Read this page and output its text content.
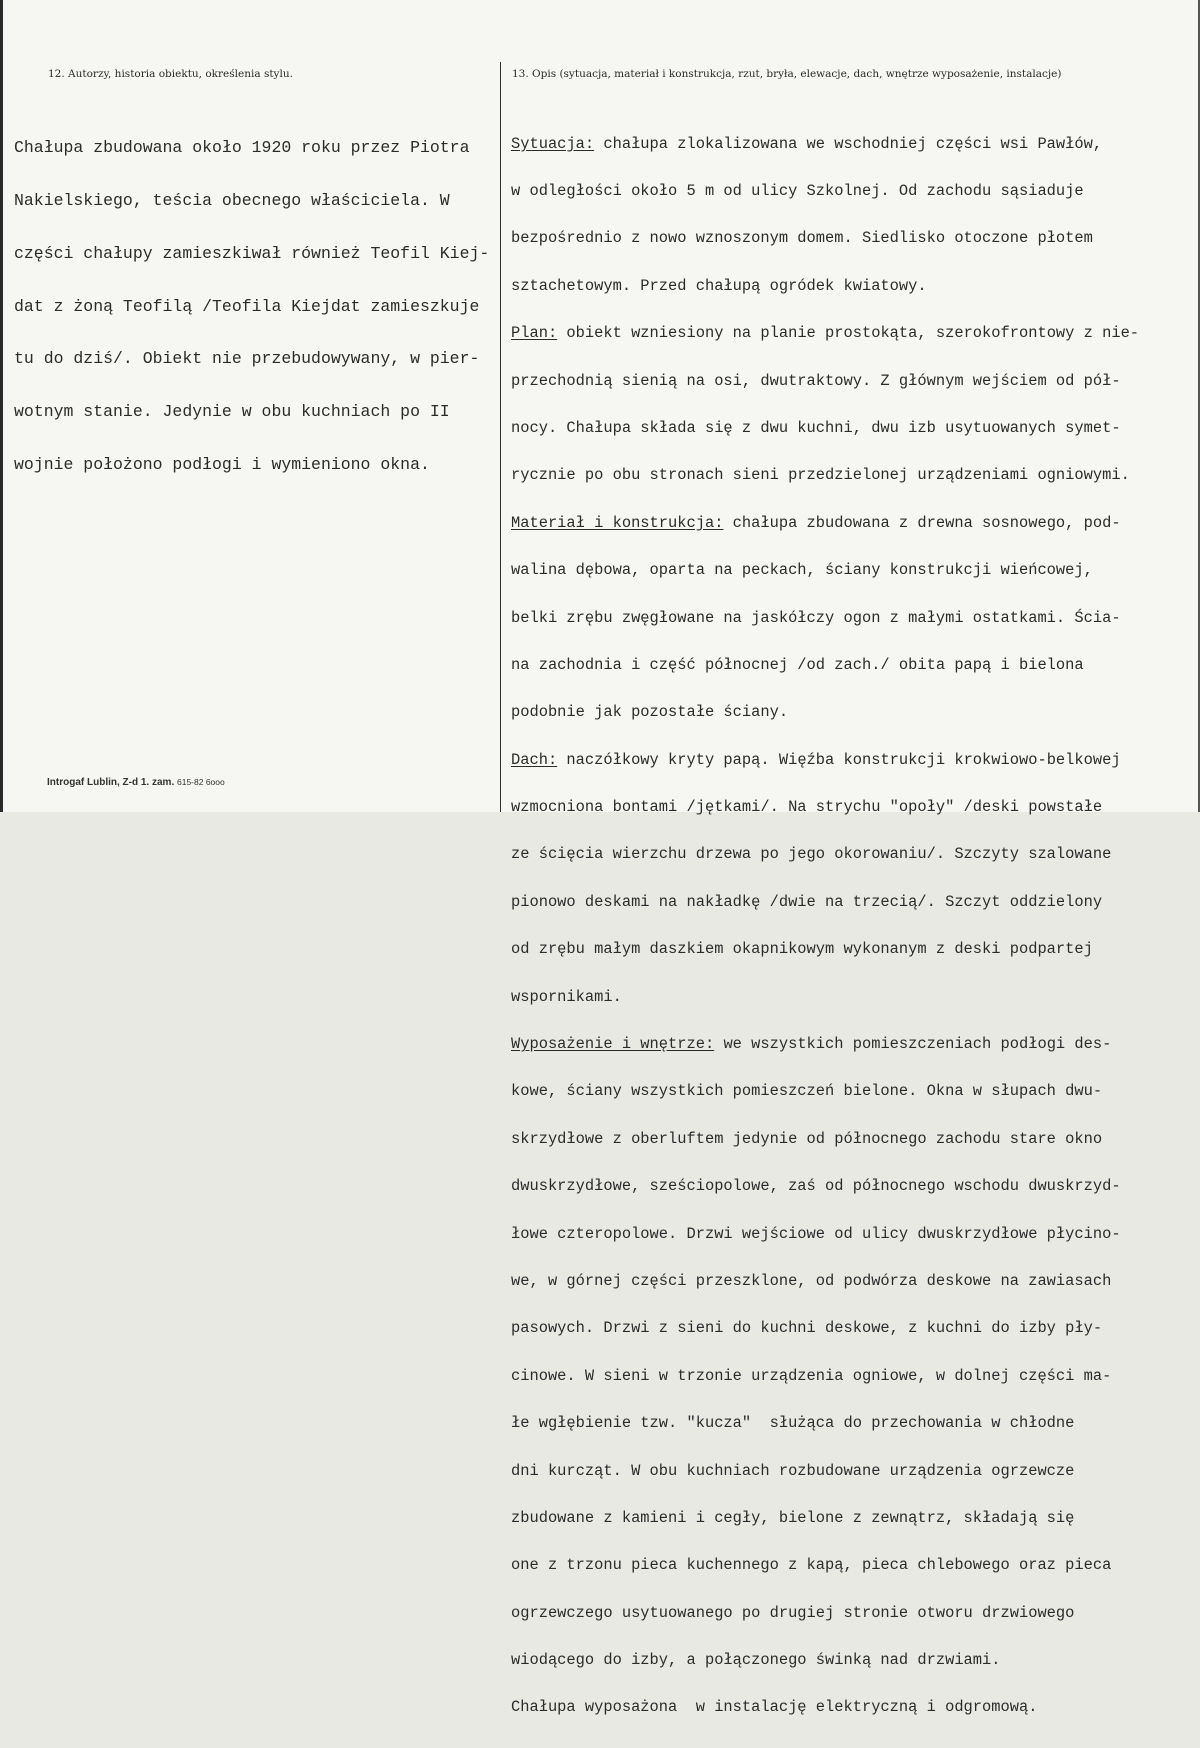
12. Autorzy, historia obiektu, określenia stylu.	13. Opis (sytuacja, materiał i konstrukcja, rzut, bryła, elewacje, dach, wnętrze wyposażenie, instalacje)

Chałupa zbudowana około 1920 roku przez Piotra

Nakielskiego, teścia obecnego właściciela. W

części chałupy zamieszkiwał również Teofil Kiej-

dat z żoną Teofilą /Teofila Kiejdat zamieszkuje

tu do dziś/. Obiekt nie przebudowywany, w pier-

wotnym stanie. Jedynie w obu kuchniach po II

wojnie położono podłogi i wymieniono okna.

Sytuacja: chałupa zlokalizowana we wschodniej części wsi Pawłów,

w odległości około 5 m od ulicy Szkolnej. Od zachodu sąsiaduje

bezpośrednio z nowo wznoszonym domem. Siedlisko otoczone płotem

sztachetowym. Przed chałupą ogródek kwiatowy.

Plan: obiekt wzniesiony na planie prostokąta, szerokofrontowy z nie-

przechodnią sienią na osi, dwutraktowy. Z głównym wejściem od pół-

nocy. Chałupa składa się z dwu kuchni, dwu izb usytuowanych symet-

rycznie po obu stronach sieni przedzielonej urządzeniami ogniowymi.

Materiał i konstrukcja: chałupa zbudowana z drewna sosnowego, pod-

walina dębowa, oparta na peckach, ściany konstrukcji wieńcowej,

belki zrębu zwęgłowane na jaskółczy ogon z małymi ostatkami. Ścia-

na zachodnia i część północnej /od zach./ obita papą i bielona

podobnie jak pozostałe ściany.

Dach: naczółkowy kryty papą. Więźba konstrukcji krokwiowo-belkowej

wzmocniona bontami /jętkami/. Na strychu "opoły" /deski powstałe

ze ścięcia wierzchu drzewa po jego okorowaniu/. Szczyty szalowane

pionowo deskami na nakładkę /dwie na trzecią/. Szczyt oddzielony

od zrębu małym daszkiem okapnikowym wykonanym z deski podpartej

wspornikami.

Wyposażenie i wnętrze: we wszystkich pomieszczeniach podłogi des-

kowe, ściany wszystkich pomieszczeń bielone. Okna w słupach dwu-

skrzydłowe z oberluftem jedynie od północnego zachodu stare okno

dwuskrzydłowe, sześciopolowe, zaś od północnego wschodu dwuskrzyd-

łowe czteropolowe. Drzwi wejściowe od ulicy dwuskrzydłowe płycino-

we, w górnej części przeszklone, od podwórza deskowe na zawiasach

pasowych. Drzwi z sieni do kuchni deskowe, z kuchni do izby pły-

cinowe. W sieni w trzonie urządzenia ogniowe, w dolnej części ma-

łe wgłębienie tzw. "kucza"  służąca do przechowania w chłodne

dni kurcząt. W obu kuchniach rozbudowane urządzenia ogrzewcze

zbudowane z kamieni i cegły, bielone z zewnątrz, składają się

one z trzonu pieca kuchennego z kapą, pieca chlebowego oraz pieca

ogrzewczego usytuowanego po drugiej stronie otworu drzwiowego

wiodącego do izby, a połączonego świnką nad drzwiami.

Chałupa wyposażona  w instalację elektryczną i odgromową.

Introgaf Lublin, Z-d 1. zam. 615-82 6ooo
